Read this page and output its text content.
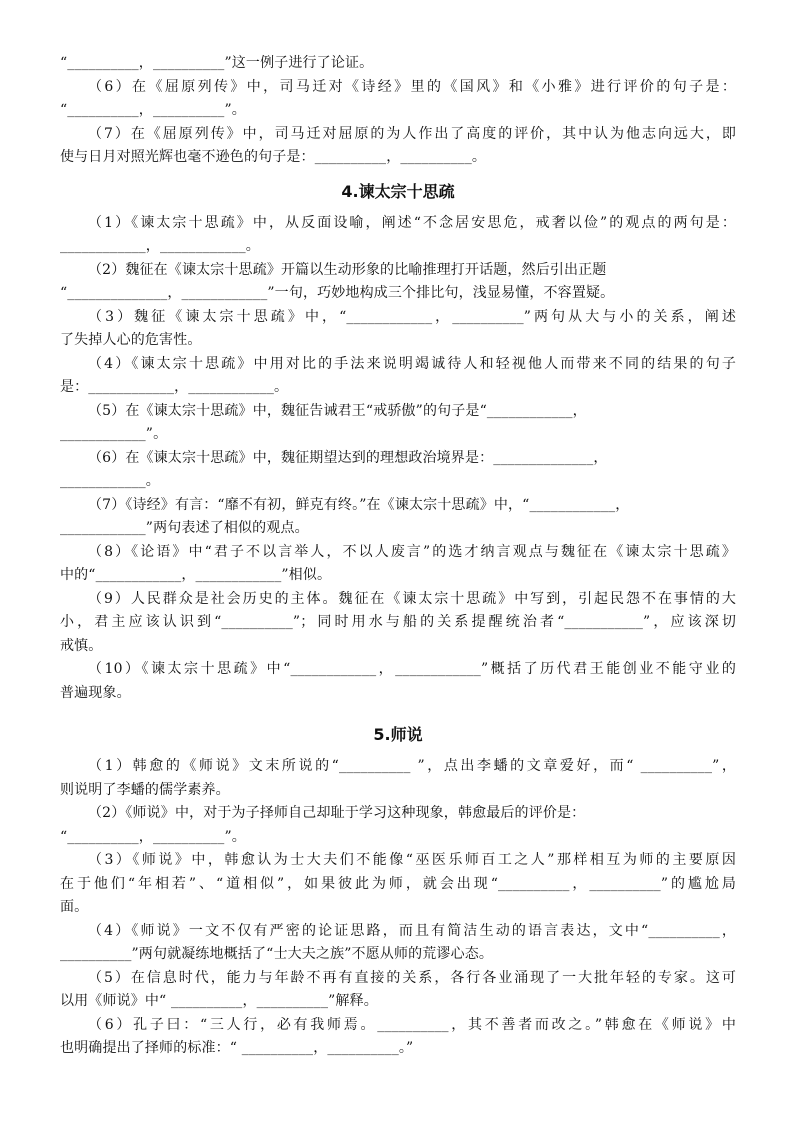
“__________，__________”这一例子进行了论证。
（6）在《屈原列传》中，司马迁对《诗经》里的《国风》和《小雅》进行评价的句子是：
“__________，__________”。
（7）在《屈原列传》中，司马迁对屈原的为人作出了高度的评价，其中认为他志向远大，即
使与日月对照光辉也毫不逊色的句子是：__________，__________。
4.谏太宗十思疏
（1）《谏太宗十思疏》中，从反面设喻，阐述“不念居安思危，戒奢以俭”的观点的两句是：
____________，____________。
（2）魏征在《谏太宗十思疏》开篇以生动形象的比喻推理打开话题，然后引出正题
“______________，____________”一句，巧妙地构成三个排比句，浅显易懂，不容置疑。
（3）魏征《谏太宗十思疏》中，“____________，__________”两句从大与小的关系，阐述
了失掉人心的危害性。
（4）《谏太宗十思疏》中用对比的手法来说明竭诚待人和轻视他人而带来不同的结果的句子
是：____________，____________。
（5）在《谏太宗十思疏》中，魏征告诫君王“戒骄傲”的句子是“____________，
____________”。
（6）在《谏太宗十思疏》中，魏征期望达到的理想政治境界是：______________，
____________。
（7）《诗经》有言：“靡不有初，鲜克有终。”在《谏太宗十思疏》中，“____________，
____________”两句表述了相似的观点。
（8）《论语》中“君子不以言举人，不以人废言”的选才纳言观点与魏征在《谏太宗十思疏》
中的“____________，____________”相似。
（9）人民群众是社会历史的主体。魏征在《谏太宗十思疏》中写到，引起民怨不在事情的大
小，君主应该认识到“__________”；同时用水与船的关系提醒统治者“___________”，应该深切
戒慎。
（10）《谏太宗十思疏》中“____________，____________”概括了历代君王能创业不能守业的
普遍现象。
5.师说
（1）韩愈的《师说》文末所说的“__________ ”，点出李蟠的文章爱好，而“ __________”，
则说明了李蟠的儒学素养。
（2）《师说》中，对于为子择师自己却耻于学习这种现象，韩愈最后的评价是：
“__________，__________”。
（3）《师说》中，韩愈认为士大夫们不能像“巫医乐师百工之人”那样相互为师的主要原因
在于他们“年相若”、“道相似”，如果彼此为师，就会出现“__________，__________”的尴尬局
面。
（4）《师说》一文不仅有严密的论证思路，而且有简洁生动的语言表达，文中“__________，
__________”两句就凝练地概括了“士大夫之族”不愿从师的荒谬心态。
（5）在信息时代，能力与年龄不再有直接的关系，各行各业涌现了一大批年轻的专家。这可
以用《师说》中“ __________，__________”解释。
（6）孔子曰：“三人行，必有我师焉。__________，其不善者而改之。”韩愈在《师说》中
也明确提出了择师的标准：“ __________，__________。”
